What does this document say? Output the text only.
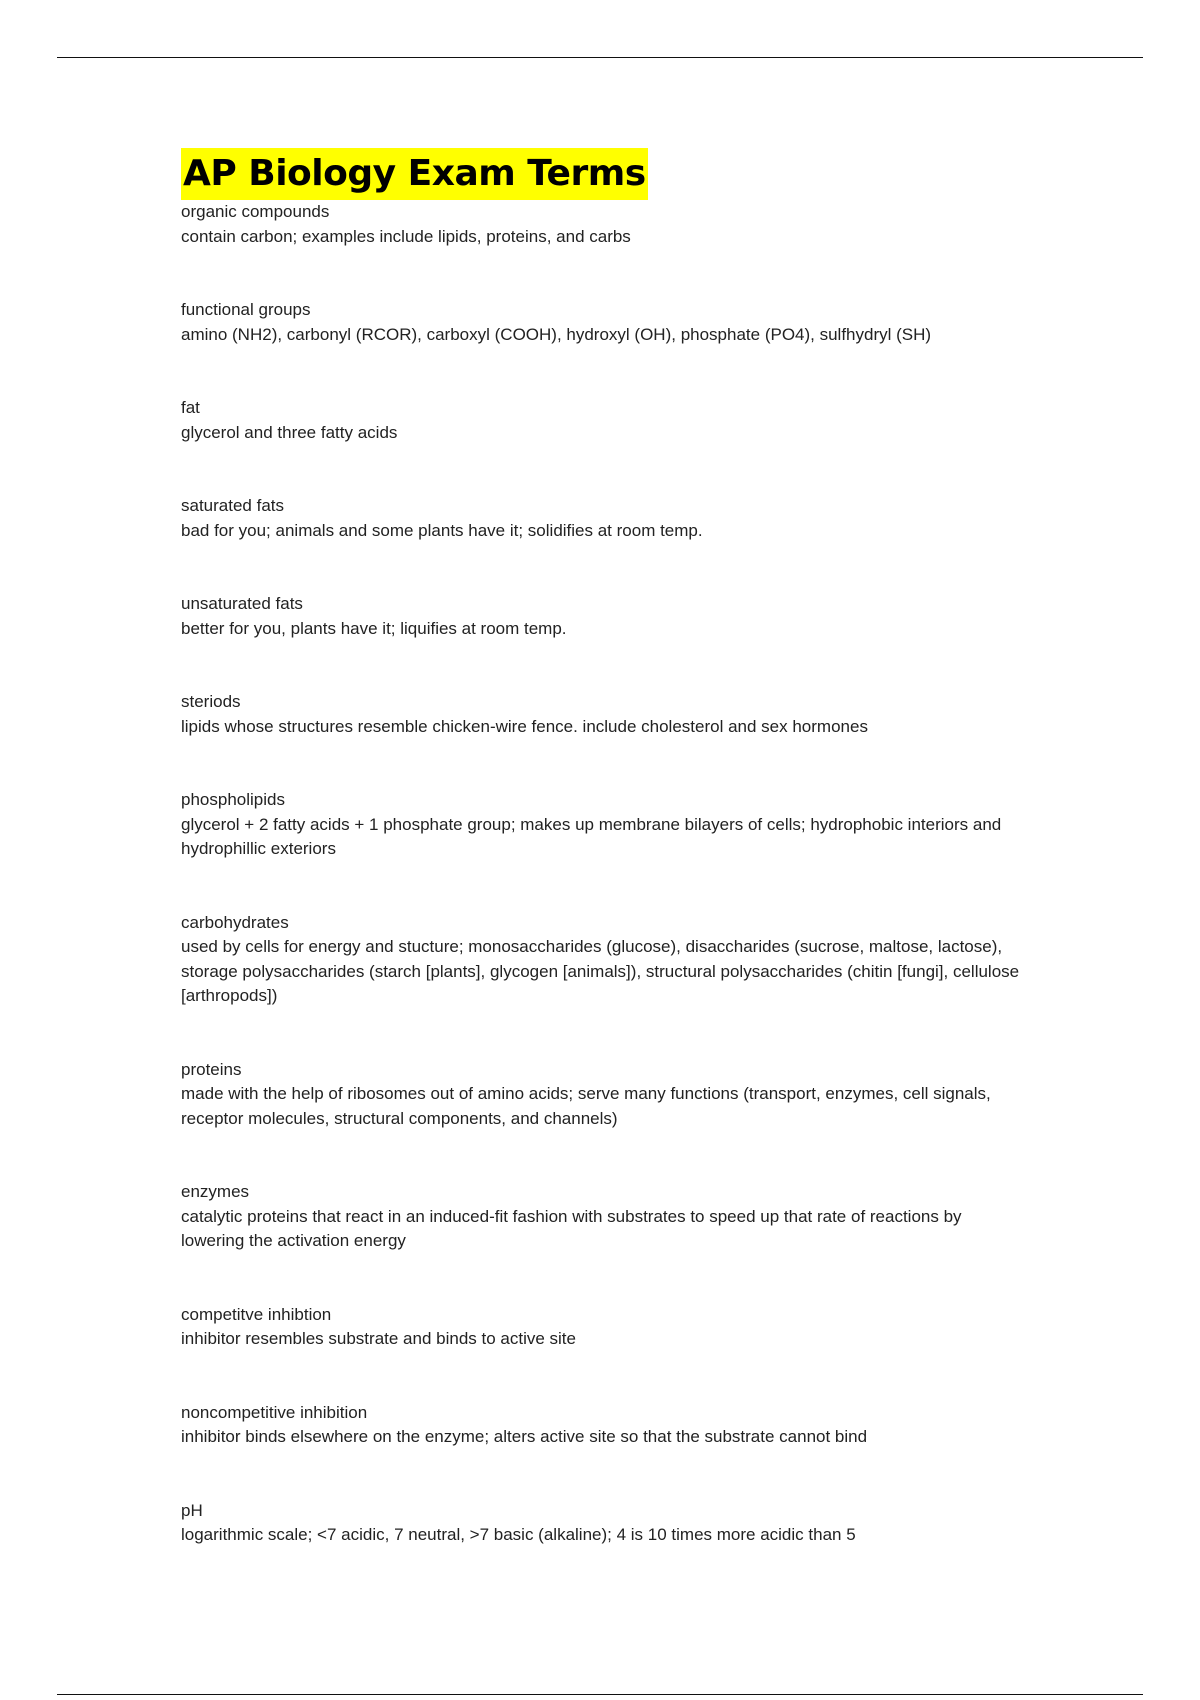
AP Biology Exam Terms
organic compounds
contain carbon; examples include lipids, proteins, and carbs
functional groups
amino (NH2), carbonyl (RCOR), carboxyl (COOH), hydroxyl (OH), phosphate (PO4), sulfhydryl (SH)
fat
glycerol and three fatty acids
saturated fats
bad for you; animals and some plants have it; solidifies at room temp.
unsaturated fats
better for you, plants have it; liquifies at room temp.
steriods
lipids whose structures resemble chicken-wire fence. include cholesterol and sex hormones
phospholipids
glycerol + 2 fatty acids + 1 phosphate group; makes up membrane bilayers of cells; hydrophobic interiors and hydrophillic exteriors
carbohydrates
used by cells for energy and stucture; monosaccharides (glucose), disaccharides (sucrose, maltose, lactose), storage polysaccharides (starch [plants], glycogen [animals]), structural polysaccharides (chitin [fungi], cellulose [arthropods])
proteins
made with the help of ribosomes out of amino acids; serve many functions (transport, enzymes, cell signals, receptor molecules, structural components, and channels)
enzymes
catalytic proteins that react in an induced-fit fashion with substrates to speed up that rate of reactions by lowering the activation energy
competitve inhibtion
inhibitor resembles substrate and binds to active site
noncompetitive inhibition
inhibitor binds elsewhere on the enzyme; alters active site so that the substrate cannot bind
pH
logarithmic scale; <7 acidic, 7 neutral, >7 basic (alkaline); 4 is 10 times more acidic than 5
